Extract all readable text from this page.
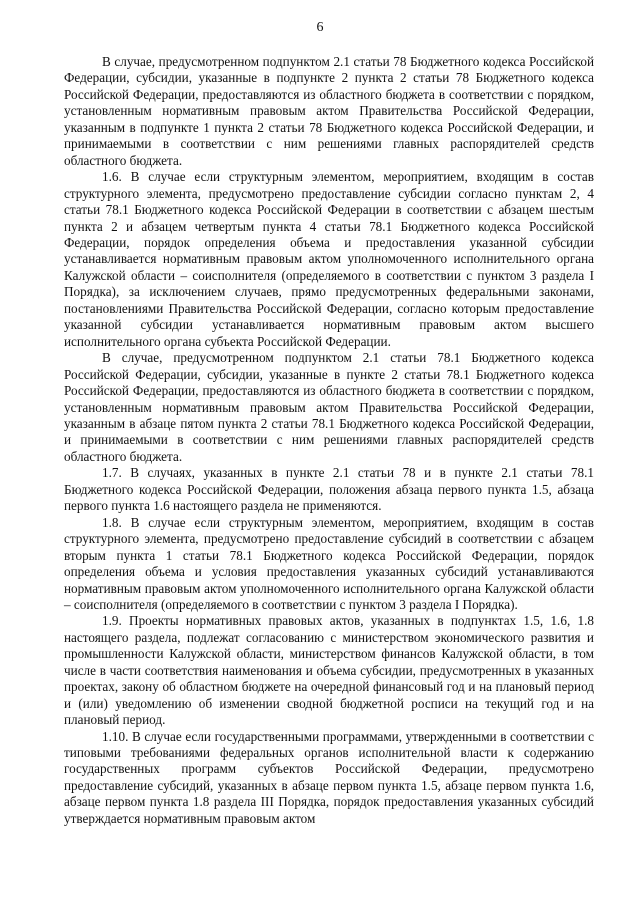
6

В случае, предусмотренном подпунктом 2.1 статьи 78 Бюджетного кодекса Российской Федерации, субсидии, указанные в подпункте 2 пункта 2 статьи 78 Бюджетного кодекса Российской Федерации, предоставляются из областного бюджета в соответствии с порядком, установленным нормативным правовым актом Правительства Российской Федерации, указанным в подпункте 1 пункта 2 статьи 78 Бюджетного кодекса Российской Федерации, и принимаемыми в соответствии с ним решениями главных распорядителей средств областного бюджета.

1.6. В случае если структурным элементом, мероприятием, входящим в состав структурного элемента, предусмотрено предоставление субсидии согласно пунктам 2, 4 статьи 78.1 Бюджетного кодекса Российской Федерации в соответствии с абзацем шестым пункта 2 и абзацем четвертым пункта 4 статьи 78.1 Бюджетного кодекса Российской Федерации, порядок определения объема и предоставления указанной субсидии устанавливается нормативным правовым актом уполномоченного исполнительного органа Калужской области – соисполнителя (определяемого в соответствии с пунктом 3 раздела I Порядка), за исключением случаев, прямо предусмотренных федеральными законами, постановлениями Правительства Российской Федерации, согласно которым предоставление указанной субсидии устанавливается нормативным правовым актом высшего исполнительного органа субъекта Российской Федерации.

В случае, предусмотренном подпунктом 2.1 статьи 78.1 Бюджетного кодекса Российской Федерации, субсидии, указанные в пункте 2 статьи 78.1 Бюджетного кодекса Российской Федерации, предоставляются из областного бюджета в соответствии с порядком, установленным нормативным правовым актом Правительства Российской Федерации, указанным в абзаце пятом пункта 2 статьи 78.1 Бюджетного кодекса Российской Федерации, и принимаемыми в соответствии с ним решениями главных распорядителей средств областного бюджета.

1.7. В случаях, указанных в пункте 2.1 статьи 78 и в пункте 2.1 статьи 78.1 Бюджетного кодекса Российской Федерации, положения абзаца первого пункта 1.5, абзаца первого пункта 1.6 настоящего раздела не применяются.

1.8. В случае если структурным элементом, мероприятием, входящим в состав структурного элемента, предусмотрено предоставление субсидий в соответствии с абзацем вторым пункта 1 статьи 78.1 Бюджетного кодекса Российской Федерации, порядок определения объема и условия предоставления указанных субсидий устанавливаются нормативным правовым актом уполномоченного исполнительного органа Калужской области – соисполнителя (определяемого в соответствии с пунктом 3 раздела I Порядка).

1.9. Проекты нормативных правовых актов, указанных в подпунктах 1.5, 1.6, 1.8 настоящего раздела, подлежат согласованию с министерством экономического развития и промышленности Калужской области, министерством финансов Калужской области, в том числе в части соответствия наименования и объема субсидии, предусмотренных в указанных проектах, закону об областном бюджете на очередной финансовый год и на плановый период и (или) уведомлению об изменении сводной бюджетной росписи на текущий год и на плановый период.

1.10. В случае если государственными программами, утвержденными в соответствии с типовыми требованиями федеральных органов исполнительной власти к содержанию государственных программ субъектов Российской Федерации, предусмотрено предоставление субсидий, указанных в абзаце первом пункта 1.5, абзаце первом пункта 1.6, абзаце первом пункта 1.8 раздела III Порядка, порядок предоставления указанных субсидий утверждается нормативным правовым актом
